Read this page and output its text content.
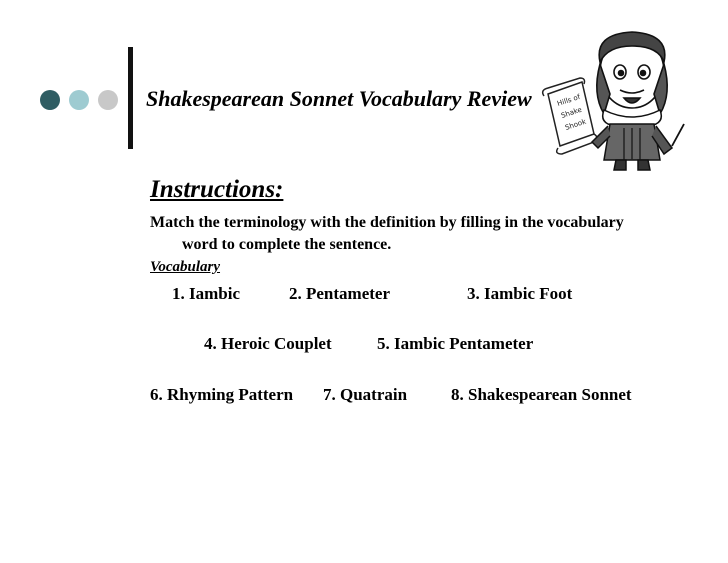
Shakespearean Sonnet Vocabulary Review	Hills of
Shake
Shook
Instructions:
Match the terminology with the definition by filling in the vocabulary word to complete the sentence.
Vocabulary
1. Iambic	2. Pentameter	3. Iambic Foot
4. Heroic Couplet	5. Iambic Pentameter
6. Rhyming Pattern 7. Quatrain	8. Shakespearean Sonnet
